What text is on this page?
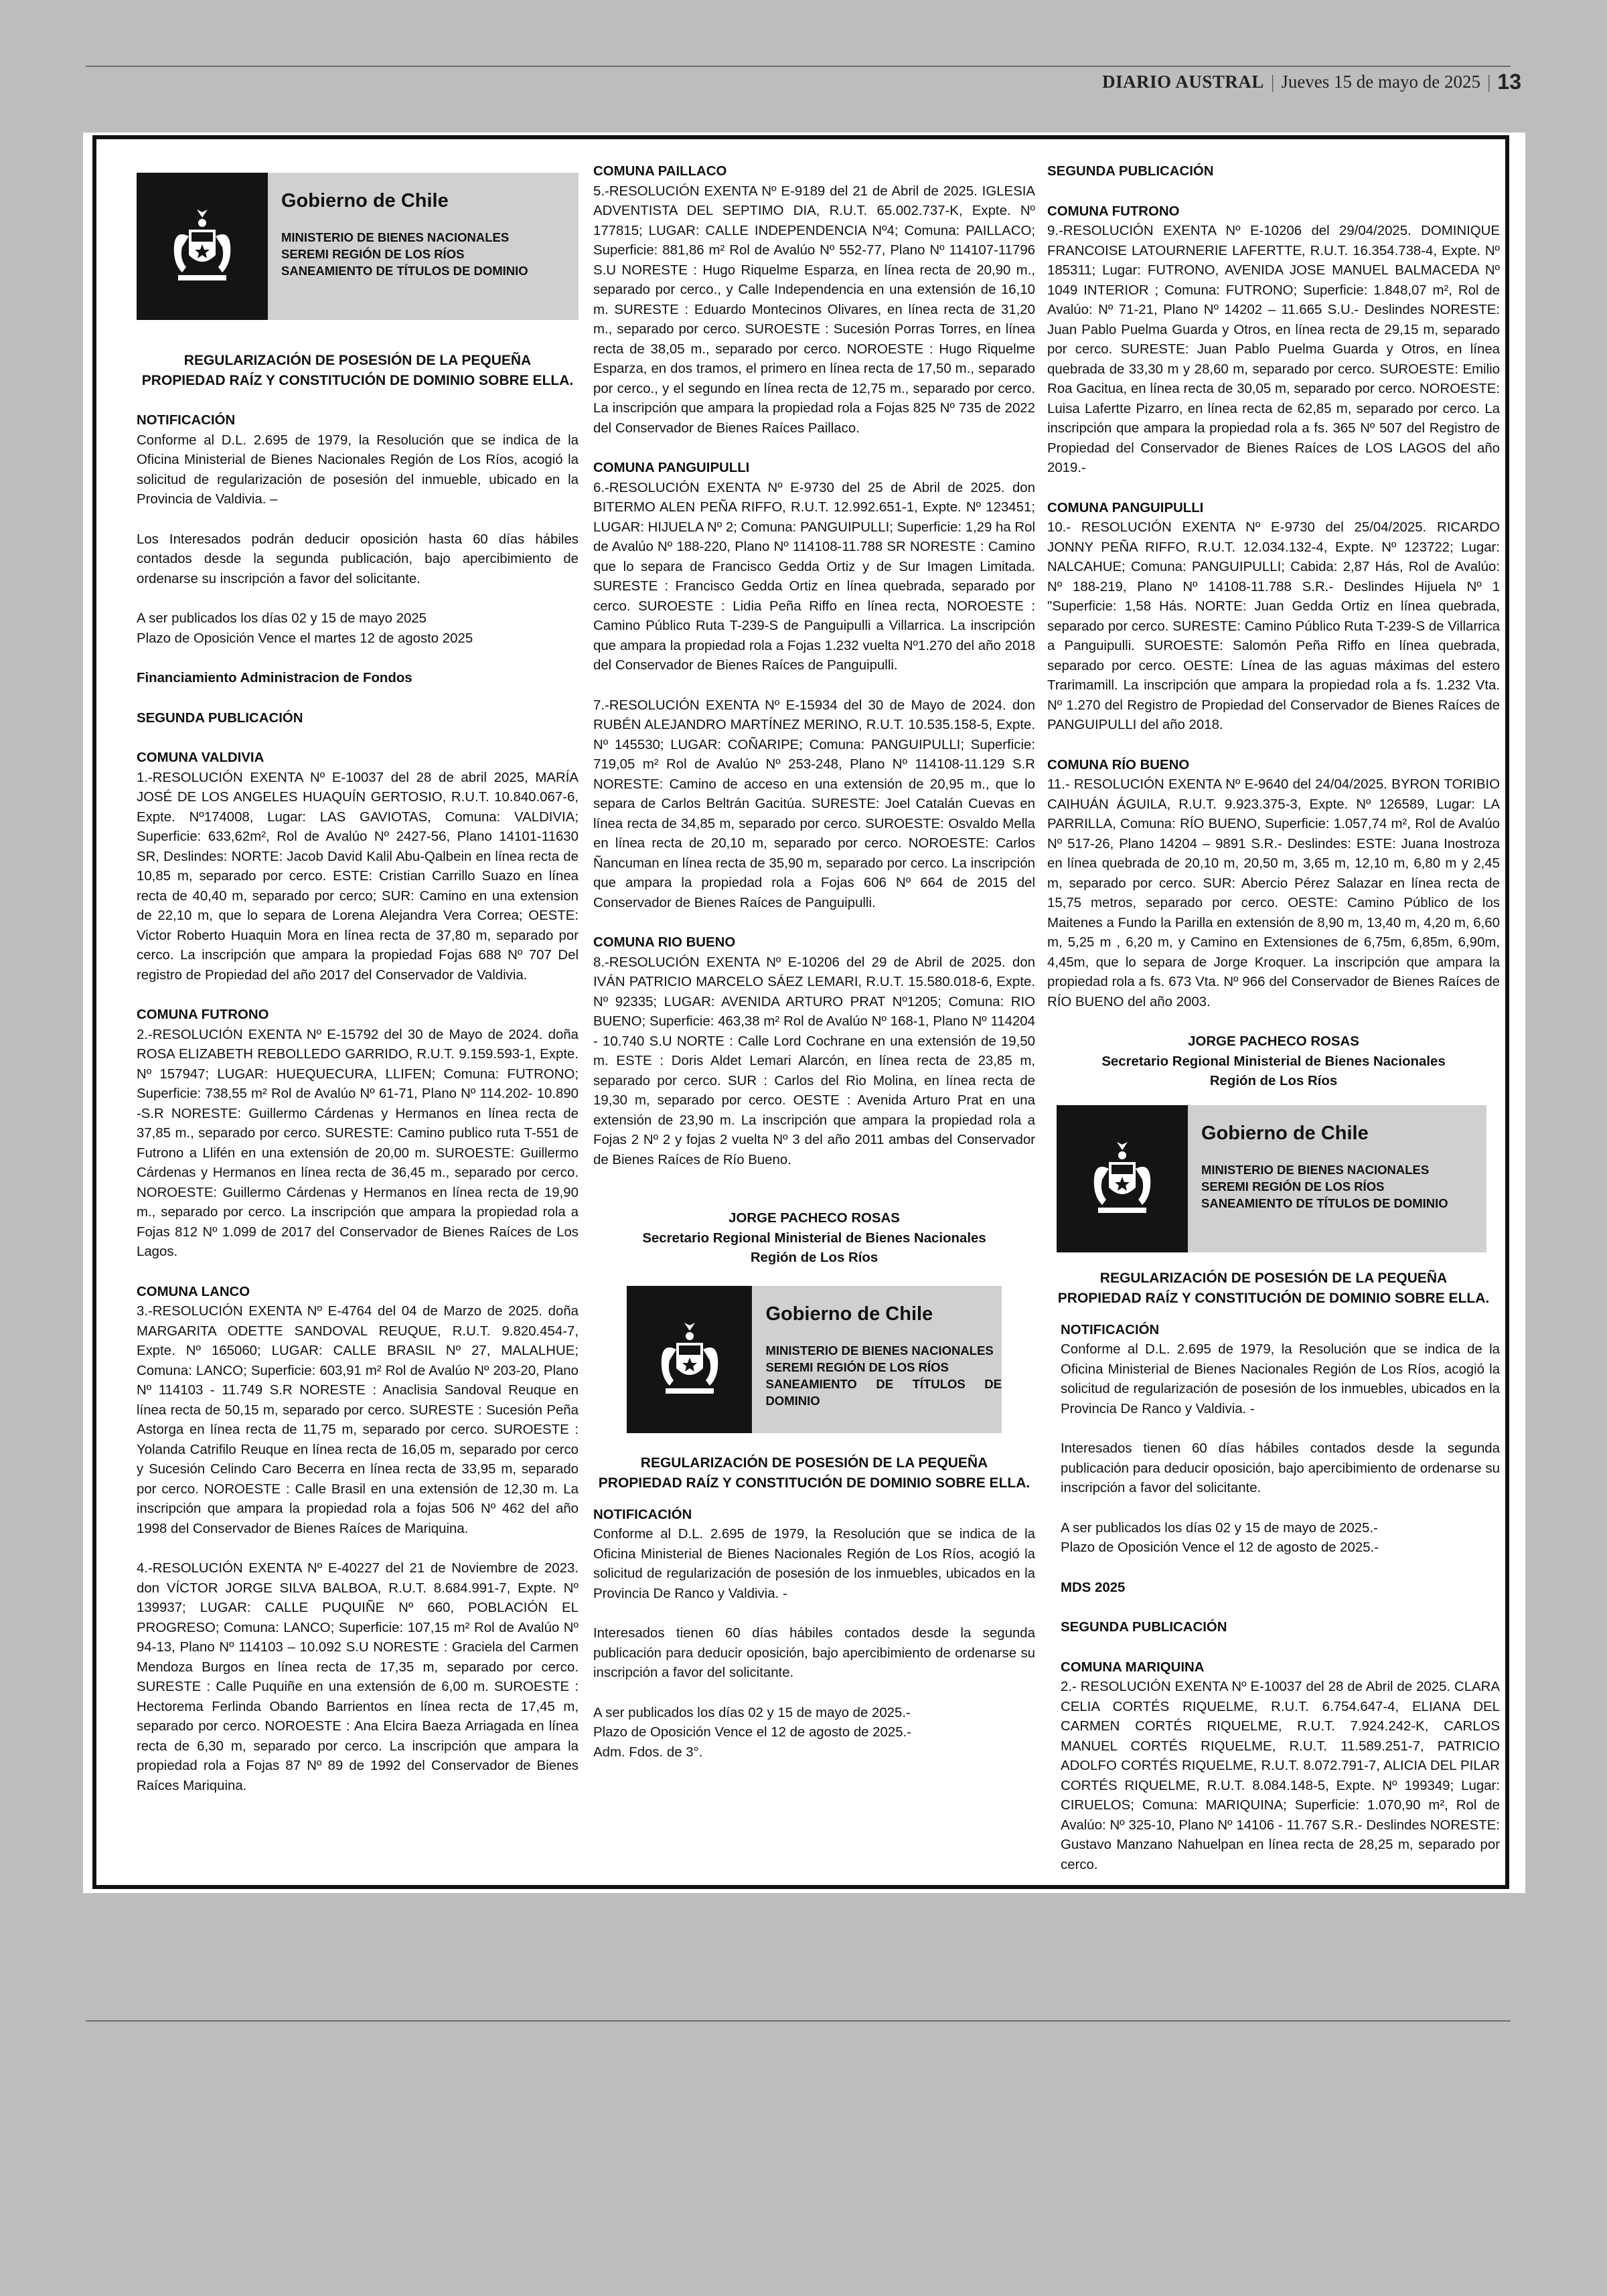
DIARIO AUSTRAL | Jueves 15 de mayo de 2025 | 13

Gobierno de Chile

MINISTERIO DE BIENES NACIONALES

SEREMI REGIÓN DE LOS RÍOS

SANEAMIENTO DE TÍTULOS DE DOMINIO

REGULARIZACIÓN DE POSESIÓN DE LA PEQUEÑA

PROPIEDAD RAÍZ Y CONSTITUCIÓN DE DOMINIO SOBRE ELLA.

NOTIFICACIÓN

Conforme al D.L. 2.695 de 1979, la Resolución que se indica de la Oficina Ministerial de Bienes Nacionales Región de Los Ríos, acogió la solicitud de regularización de posesión del inmueble, ubicado en la Provincia de Valdivia. –

Los Interesados podrán deducir oposición hasta 60 días hábiles contados desde la segunda publicación, bajo apercibimiento de ordenarse su inscripción a favor del solicitante.

A ser publicados los días 02 y 15 de mayo 2025

Plazo de Oposición Vence el martes 12 de agosto 2025

Financiamiento Administracion de Fondos

SEGUNDA PUBLICACIÓN

COMUNA VALDIVIA

1.-RESOLUCIÓN EXENTA Nº E-10037 del 28 de abril 2025, MARÍA JOSÉ DE LOS ANGELES HUAQUÍN GERTOSIO, R.U.T. 10.840.067-6, Expte. Nº174008, Lugar: LAS GAVIOTAS, Comuna: VALDIVIA; Superficie: 633,62m², Rol de Avalúo Nº 2427-56, Plano 14101-11630 SR, Deslindes: NORTE: Jacob David Kalil Abu-Qalbein en línea recta de 10,85 m, separado por cerco. ESTE: Cristian Carrillo Suazo en línea recta de 40,40 m, separado por cerco; SUR: Camino en una extension de 22,10 m, que lo separa de Lorena Alejandra Vera Correa; OESTE: Victor Roberto Huaquin Mora en línea recta de 37,80 m, separado por cerco. La inscripción que ampara la propiedad Fojas 688 Nº 707 Del registro de Propiedad del año 2017 del Conservador de Valdivia.

COMUNA FUTRONO

2.-RESOLUCIÓN EXENTA Nº E-15792 del 30 de Mayo de 2024. doña ROSA ELIZABETH REBOLLEDO GARRIDO, R.U.T. 9.159.593-1, Expte. Nº 157947; LUGAR: HUEQUECURA, LLIFEN; Comuna: FUTRONO; Superficie: 738,55 m² Rol de Avalúo Nº 61-71, Plano Nº 114.202- 10.890 -S.R NORESTE: Guillermo Cárdenas y Hermanos en línea recta de 37,85 m., separado por cerco. SURESTE: Camino publico ruta T-551 de Futrono a Llifén en una extensión de 20,00 m. SUROESTE: Guillermo Cárdenas y Hermanos en línea recta de 36,45 m., separado por cerco. NOROESTE: Guillermo Cárdenas y Hermanos en línea recta de 19,90 m., separado por cerco. La inscripción que ampara la propiedad rola a Fojas 812 Nº 1.099 de 2017 del Conservador de Bienes Raíces de Los Lagos.

COMUNA LANCO

3.-RESOLUCIÓN EXENTA Nº E-4764 del 04 de Marzo de 2025. doña MARGARITA ODETTE SANDOVAL REUQUE, R.U.T. 9.820.454-7, Expte. Nº 165060; LUGAR: CALLE BRASIL Nº 27, MALALHUE; Comuna: LANCO; Superficie: 603,91 m² Rol de Avalúo Nº 203-20, Plano Nº 114103 - 11.749 S.R NORESTE : Anaclisia Sandoval Reuque en línea recta de 50,15 m, separado por cerco. SURESTE : Sucesión Peña Astorga en línea recta de 11,75 m, separado por cerco. SUROESTE : Yolanda Catrifilo Reuque en línea recta de 16,05 m, separado por cerco y Sucesión Celindo Caro Becerra en línea recta de 33,95 m, separado por cerco. NOROESTE : Calle Brasil en una extensión de 12,30 m. La inscripción que ampara la propiedad rola a fojas 506 Nº 462 del año 1998 del Conservador de Bienes Raíces de Mariquina.

4.-RESOLUCIÓN EXENTA Nº E-40227 del 21 de Noviembre de 2023. don VÍCTOR JORGE SILVA BALBOA, R.U.T. 8.684.991-7, Expte. Nº 139937; LUGAR: CALLE PUQUIÑE Nº 660, POBLACIÓN EL PROGRESO; Comuna: LANCO; Superficie: 107,15 m² Rol de Avalúo Nº 94-13, Plano Nº 114103 – 10.092 S.U NORESTE : Graciela del Carmen Mendoza Burgos en línea recta de 17,35 m, separado por cerco. SURESTE : Calle Puquiñe en una extensión de 6,00 m. SUROESTE : Hectorema Ferlinda Obando Barrientos en línea recta de 17,45 m, separado por cerco. NOROESTE : Ana Elcira Baeza Arriagada en línea recta de 6,30 m, separado por cerco. La inscripción que ampara la propiedad rola a Fojas 87 Nº 89 de 1992 del Conservador de Bienes Raíces Mariquina.

COMUNA PAILLACO

5.-RESOLUCIÓN EXENTA Nº E-9189 del 21 de Abril de 2025. IGLESIA ADVENTISTA DEL SEPTIMO DIA, R.U.T. 65.002.737-K, Expte. Nº 177815; LUGAR: CALLE INDEPENDENCIA Nº4; Comuna: PAILLACO; Superficie: 881,86 m² Rol de Avalúo Nº 552-77, Plano Nº 114107-11796 S.U NORESTE : Hugo Riquelme Esparza, en línea recta de 20,90 m., separado por cerco., y Calle Independencia en una extensión de 16,10 m. SURESTE : Eduardo Montecinos Olivares, en línea recta de 31,20 m., separado por cerco. SUROESTE : Sucesión Porras Torres, en línea recta de 38,05 m., separado por cerco. NOROESTE : Hugo Riquelme Esparza, en dos tramos, el primero en línea recta de 17,50 m., separado por cerco., y el segundo en línea recta de 12,75 m., separado por cerco. La inscripción que ampara la propiedad rola a Fojas 825 Nº 735 de 2022 del Conservador de Bienes Raíces Paillaco.

COMUNA PANGUIPULLI

6.-RESOLUCIÓN EXENTA Nº E-9730 del 25 de Abril de 2025. don BITERMO ALEN PEÑA RIFFO, R.U.T. 12.992.651-1, Expte. Nº 123451; LUGAR: HIJUELA Nº 2; Comuna: PANGUIPULLI; Superficie: 1,29 ha Rol de Avalúo Nº 188-220, Plano Nº 114108-11.788 SR NORESTE : Camino que lo separa de Francisco Gedda Ortiz y de Sur Imagen Limitada. SURESTE : Francisco Gedda Ortiz en línea quebrada, separado por cerco. SUROESTE : Lidia Peña Riffo en línea recta, NOROESTE : Camino Público Ruta T-239-S de Panguipulli a Villarrica. La inscripción que ampara la propiedad rola a Fojas 1.232 vuelta Nº1.270 del año 2018 del Conservador de Bienes Raíces de Panguipulli.

7.-RESOLUCIÓN EXENTA Nº E-15934 del 30 de Mayo de 2024. don RUBÉN ALEJANDRO MARTÍNEZ MERINO, R.U.T. 10.535.158-5, Expte. Nº 145530; LUGAR: COÑARIPE; Comuna: PANGUIPULLI; Superficie: 719,05 m² Rol de Avalúo Nº 253-248, Plano Nº 114108-11.129 S.R NORESTE: Camino de acceso en una extensión de 20,95 m., que lo separa de Carlos Beltrán Gacitúa. SURESTE: Joel Catalán Cuevas en línea recta de 34,85 m, separado por cerco. SUROESTE: Osvaldo Mella en línea recta de 20,10 m, separado por cerco. NOROESTE: Carlos Ñancuman en línea recta de 35,90 m, separado por cerco. La inscripción que ampara la propiedad rola a Fojas 606 Nº 664 de 2015 del Conservador de Bienes Raíces de Panguipulli.

COMUNA RIO BUENO

8.-RESOLUCIÓN EXENTA Nº E-10206 del 29 de Abril de 2025. don IVÁN PATRICIO MARCELO SÁEZ LEMARI, R.U.T. 15.580.018-6, Expte. Nº 92335; LUGAR: AVENIDA ARTURO PRAT Nº1205; Comuna: RIO BUENO; Superficie: 463,38 m² Rol de Avalúo Nº 168-1, Plano Nº 114204 - 10.740 S.U NORTE : Calle Lord Cochrane en una extensión de 19,50 m. ESTE : Doris Aldet Lemari Alarcón, en línea recta de 23,85 m, separado por cerco. SUR : Carlos del Rio Molina, en línea recta de 19,30 m, separado por cerco. OESTE : Avenida Arturo Prat en una extensión de 23,90 m. La inscripción que ampara la propiedad rola a Fojas 2 Nº 2 y fojas 2 vuelta Nº 3 del año 2011 ambas del Conservador de Bienes Raíces de Río Bueno.

JORGE PACHECO ROSAS

Secretario Regional Ministerial de Bienes Nacionales

Región de Los Ríos

Gobierno de Chile

MINISTERIO DE BIENES NACIONALES

SEREMI REGIÓN DE LOS RÍOS

SANEAMIENTO DE TÍTULOS DE DOMINIO

REGULARIZACIÓN DE POSESIÓN DE LA PEQUEÑA

PROPIEDAD RAÍZ Y CONSTITUCIÓN DE DOMINIO SOBRE ELLA.

NOTIFICACIÓN

Conforme al D.L. 2.695 de 1979, la Resolución que se indica de la Oficina Ministerial de Bienes Nacionales Región de Los Ríos, acogió la solicitud de regularización de posesión de los inmuebles, ubicados en la Provincia De Ranco y Valdivia. -

Interesados tienen 60 días hábiles contados desde la segunda publicación para deducir oposición, bajo apercibimiento de ordenarse su inscripción a favor del solicitante.

A ser publicados los días 02 y 15 de mayo de 2025.-

Plazo de Oposición Vence el 12 de agosto de 2025.-

Adm. Fdos. de 3°.

SEGUNDA PUBLICACIÓN

COMUNA FUTRONO

9.-RESOLUCIÓN EXENTA Nº E-10206 del 29/04/2025. DOMINIQUE FRANCOISE LATOURNERIE LAFERTTE, R.U.T. 16.354.738-4, Expte. Nº 185311; Lugar: FUTRONO, AVENIDA JOSE MANUEL BALMACEDA Nº 1049 INTERIOR ; Comuna: FUTRONO; Superficie: 1.848,07 m², Rol de Avalúo: Nº 71-21, Plano Nº 14202 – 11.665 S.U.- Deslindes NORESTE: Juan Pablo Puelma Guarda y Otros, en línea recta de 29,15 m, separado por cerco. SURESTE: Juan Pablo Puelma Guarda y Otros, en línea quebrada de 33,30 m y 28,60 m, separado por cerco. SUROESTE: Emilio Roa Gacitua, en línea recta de 30,05 m, separado por cerco. NOROESTE: Luisa Lafertte Pizarro, en línea recta de 62,85 m, separado por cerco. La inscripción que ampara la propiedad rola a fs. 365 Nº 507 del Registro de Propiedad del Conservador de Bienes Raíces de LOS LAGOS del año 2019.-

COMUNA PANGUIPULLI

10.- RESOLUCIÓN EXENTA Nº E-9730 del 25/04/2025. RICARDO JONNY PEÑA RIFFO, R.U.T. 12.034.132-4, Expte. Nº 123722; Lugar: NALCAHUE; Comuna: PANGUIPULLI; Cabida: 2,87 Hás, Rol de Avalúo: Nº 188-219, Plano Nº 14108-11.788 S.R.- Deslindes Hijuela Nº 1 "Superficie: 1,58 Hás. NORTE: Juan Gedda Ortiz en línea quebrada, separado por cerco. SURESTE: Camino Público Ruta T-239-S de Villarrica a Panguipulli. SUROESTE: Salomón Peña Riffo en línea quebrada, separado por cerco. OESTE: Línea de las aguas máximas del estero Trarimamill. La inscripción que ampara la propiedad rola a fs. 1.232 Vta. Nº 1.270 del Registro de Propiedad del Conservador de Bienes Raíces de PANGUIPULLI del año 2018.

COMUNA RÍO BUENO

11.- RESOLUCIÓN EXENTA Nº E-9640 del 24/04/2025. BYRON TORIBIO CAIHUÁN ÁGUILA, R.U.T. 9.923.375-3, Expte. Nº 126589, Lugar: LA PARRILLA, Comuna: RÍO BUENO, Superficie: 1.057,74 m², Rol de Avalúo Nº 517-26, Plano 14204 – 9891 S.R.- Deslindes: ESTE: Juana Inostroza en línea quebrada de 20,10 m, 20,50 m, 3,65 m, 12,10 m, 6,80 m y 2,45 m, separado por cerco. SUR: Abercio Pérez Salazar en línea recta de 15,75 metros, separado por cerco. OESTE: Camino Público de los Maitenes a Fundo la Parilla en extensión de 8,90 m, 13,40 m, 4,20 m, 6,60 m, 5,25 m , 6,20 m, y Camino en Extensiones de 6,75m, 6,85m, 6,90m, 4,45m, que lo separa de Jorge Kroquer. La inscripción que ampara la propiedad rola a fs. 673 Vta. Nº 966 del Conservador de Bienes Raíces de RÍO BUENO del año 2003.

JORGE PACHECO ROSAS

Secretario Regional Ministerial de Bienes Nacionales

Región de Los Ríos

Gobierno de Chile

MINISTERIO DE BIENES NACIONALES

SEREMI REGIÓN DE LOS RÍOS

SANEAMIENTO DE TÍTULOS DE DOMINIO

REGULARIZACIÓN DE POSESIÓN DE LA PEQUEÑA

PROPIEDAD RAÍZ Y CONSTITUCIÓN DE DOMINIO SOBRE ELLA.

NOTIFICACIÓN

Conforme al D.L. 2.695 de 1979, la Resolución que se indica de la Oficina Ministerial de Bienes Nacionales Región de Los Ríos, acogió la solicitud de regularización de posesión de los inmuebles, ubicados en la Provincia De Ranco y Valdivia. -

Interesados tienen 60 días hábiles contados desde la segunda publicación para deducir oposición, bajo apercibimiento de ordenarse su inscripción a favor del solicitante.

A ser publicados los días 02 y 15 de mayo de 2025.-

Plazo de Oposición Vence el 12 de agosto de 2025.-

MDS 2025

SEGUNDA PUBLICACIÓN

COMUNA MARIQUINA

2.- RESOLUCIÓN EXENTA Nº E-10037 del 28 de Abril de 2025. CLARA CELIA CORTÉS RIQUELME, R.U.T. 6.754.647-4, ELIANA DEL CARMEN CORTÉS RIQUELME, R.U.T. 7.924.242-K, CARLOS MANUEL CORTÉS RIQUELME, R.U.T. 11.589.251-7, PATRICIO ADOLFO CORTÉS RIQUELME, R.U.T. 8.072.791-7, ALICIA DEL PILAR CORTÉS RIQUELME, R.U.T. 8.084.148-5, Expte. Nº 199349; Lugar: CIRUELOS; Comuna: MARIQUINA; Superficie: 1.070,90 m², Rol de Avalúo: Nº 325-10, Plano Nº 14106 - 11.767 S.R.- Deslindes NORESTE: Gustavo Manzano Nahuelpan en línea recta de 28,25 m, separado por cerco.
